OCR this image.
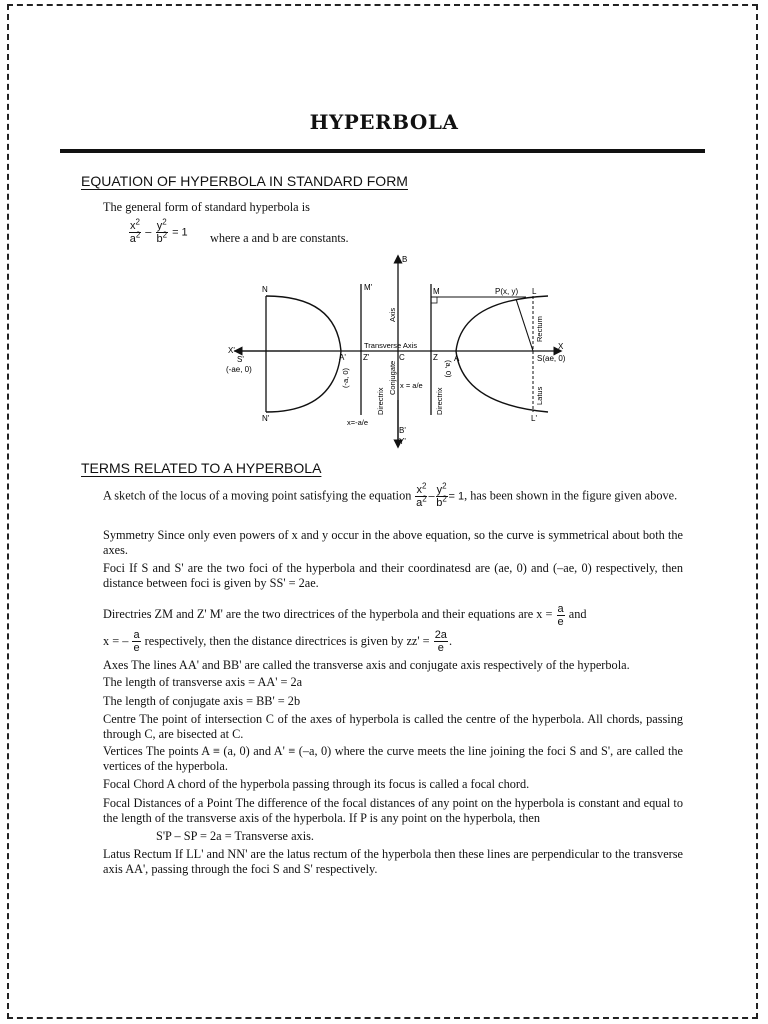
HYPERBOLA
EQUATION OF HYPERBOLA IN STANDARD FORM
The general form of standard hyperbola is
$\frac{x^2}{a^2} - \frac{y^2}{b^2} = 1$ where a and b are constants.
B
B'
Y'
X
X'
N
N'
M'	M	P(x, y) L
L'
S(ae, 0)
S'
(-ae, 0)
A'	A
Z'	Z
C
Transverse Axis
x = a/e
x=-a/e
Axis
Conjugate
Directrix	Directrix
(-a, 0)	(a, 0)
Rectum
Latus
TERMS RELATED TO A HYPERBOLA
A sketch of the locus of a moving point satisfying the equation $\frac{x^2}{a^2} - \frac{y^2}{b^2} = 1$, has been shown in the figure given above.
Symmetry Since only even powers of x and y occur in the above equation, so the curve is symmetrical about both the axes.
Foci If S and S' are the two foci of the hyperbola and their coordinatesd are (ae, 0) and (–ae, 0) respectively, then distance between foci is given by SS' = 2ae.
Directries ZM and Z' M' are the two directrices of the hyperbola and their equations are $x = \frac{a}{e}$ and
x = – $\frac{a}{e}$ respectively, then the distance directrices is given by $zz' = \frac{2a}{e}$ .
Axes The lines AA' and BB' are called the transverse axis and conjugate axis respectively of the hyperbola.
The length of transverse axis = AA' = 2a
The length of conjugate axis = BB' = 2b
Centre The point of intersection C of the axes of hyperbola is called the centre of the hyperbola. All chords, passing through C, are bisected at C.
Vertices The points A ≡ (a, 0) and A' ≡ (–a, 0) where the curve meets the line joining the foci S and S', are called the vertices of the hyperbola.
Focal Chord A chord of the hyperbola passing through its focus is called a focal chord.
Focal Distances of a Point The difference of the focal distances of any point on the hyperbola is constant and equal to the length of the transverse axis of the hyperbola. If P is any point on the hyperbola, then
S'P – SP = 2a = Transverse axis.
Latus Rectum If LL' and NN' are the latus rectum of the hyperbola then these lines are perpendicular to the transverse axis AA', passing through the foci S and S' respectively.
